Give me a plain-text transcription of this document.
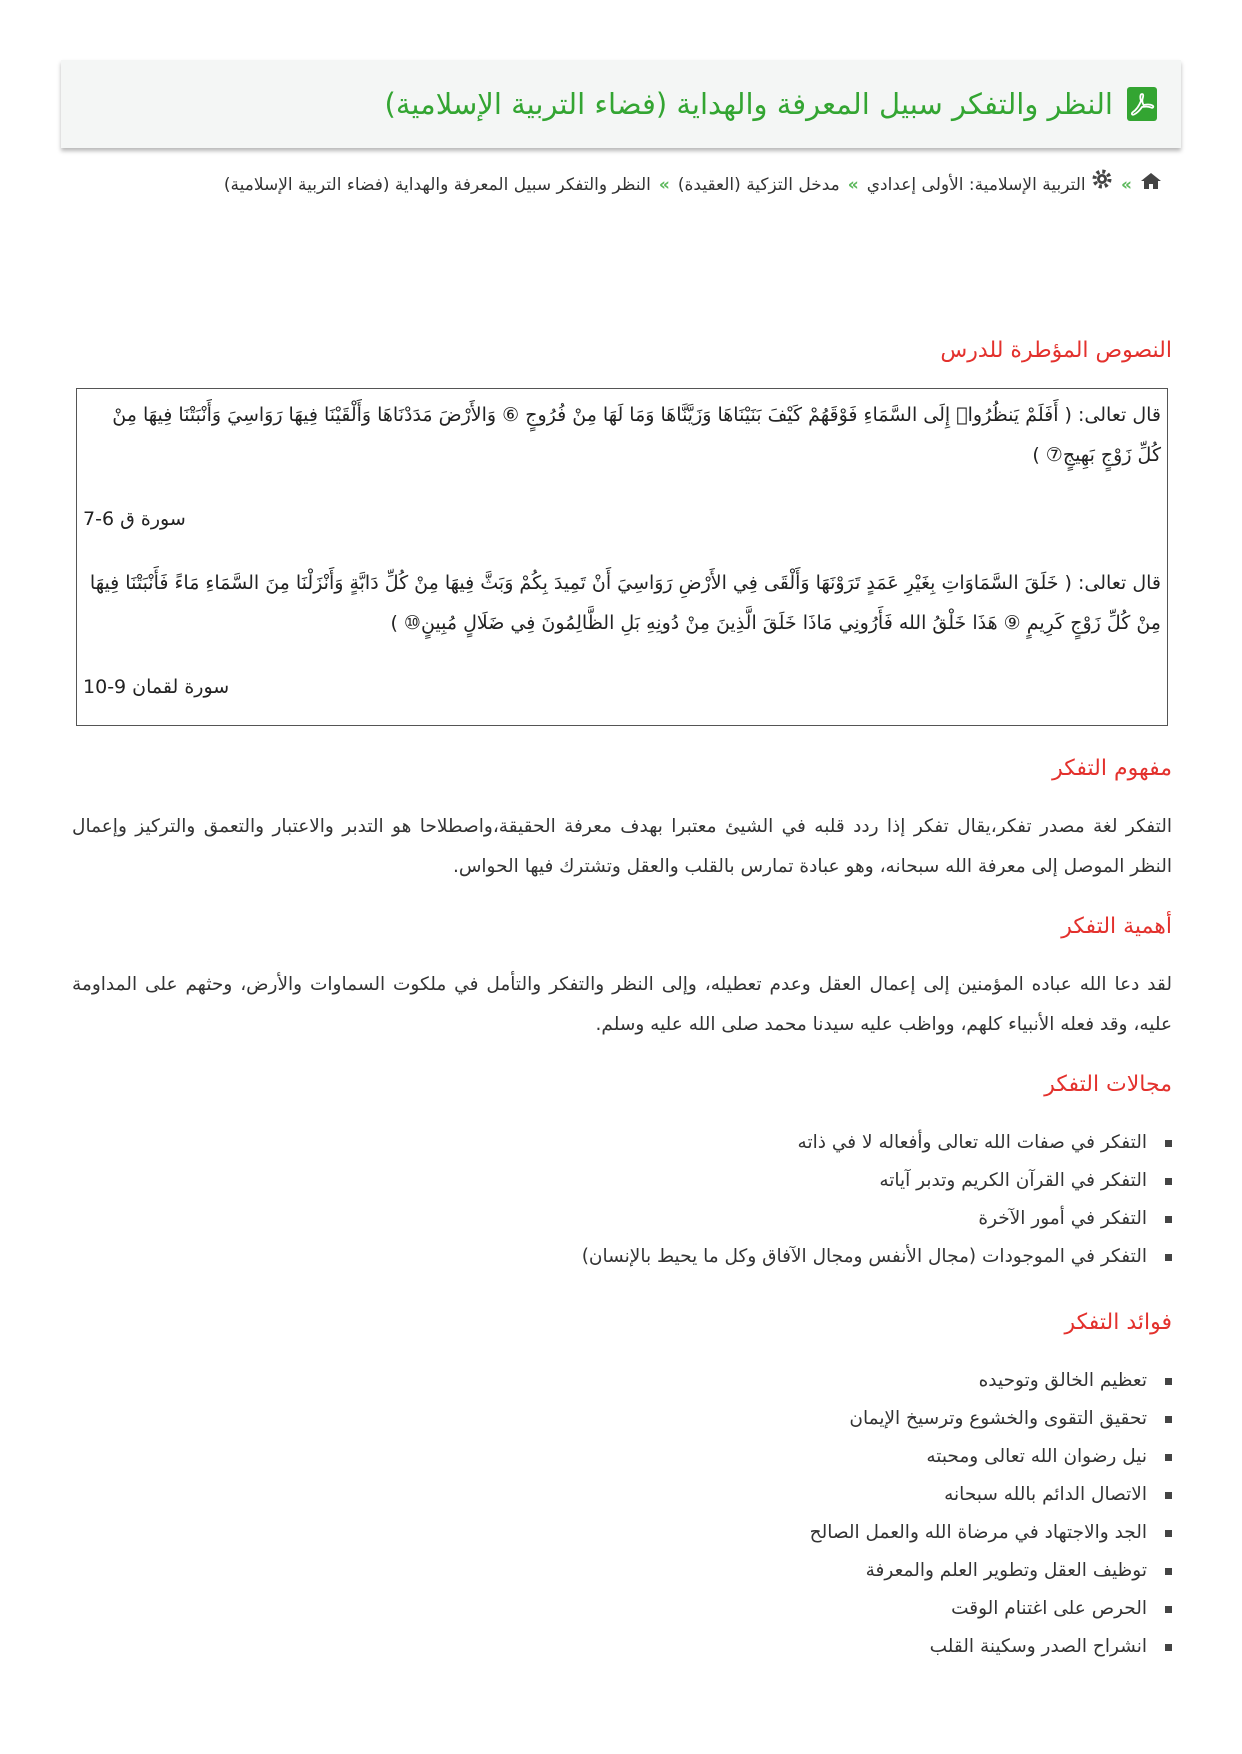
النظر والتفكر سبيل المعرفة والهداية (فضاء التربية الإسلامية)
» التربية الإسلامية: الأولى إعدادي»مدخل التزكية (العقيدة)»النظر والتفكر سبيل المعرفة والهداية (فضاء التربية الإسلامية)
النصوص المؤطرة للدرس

قال تعالى: ( أَفَلَمْ يَنظُرُوا۟ إِلَى السَّمَاءِ فَوْقَهُمْ كَيْفَ بَنَيْنَاهَا وَزَيَّنَّاهَا وَمَا لَهَا مِنْ فُرُوجٍ ⑥ وَالأَرْضَ مَدَدْنَاهَا وَأَلْقَيْنَا فِيهَا رَوَاسِيَ وَأَنْبَتْنَا فِيهَا مِنْ كُلِّ زَوْجٍ بَهِيجٍ⑦ )

سورة ق 6-7

قال تعالى: ( خَلَقَ السَّمَاوَاتِ بِغَيْرِ عَمَدٍ تَرَوْنَهَا وَأَلْقَى فِي الأَرْضِ رَوَاسِيَ أَنْ تَمِيدَ بِكُمْ وَبَثَّ فِيهَا مِنْ كُلِّ دَابَّةٍ وَأَنْزَلْنَا مِنَ السَّمَاءِ مَاءً فَأَنْبَتْنَا فِيهَا مِنْ كُلِّ زَوْجٍ كَرِيمٍ ⑨ هَذَا خَلْقُ الله فَأَرُونِي مَاذَا خَلَقَ الَّذِينَ مِنْ دُونِهِ بَلِ الظَّالِمُونَ فِي ضَلَالٍ مُبِينٍ⑩ )

سورة لقمان 9-10

مفهوم التفكر

التفكر لغة مصدر تفكر،يقال تفكر إذا ردد قلبه في الشيئ معتبرا بهدف معرفة الحقيقة،واصطلاحا هو التدبر والاعتبار والتعمق والتركيز وإعمال النظر الموصل إلى معرفة الله سبحانه، وهو عبادة تمارس بالقلب والعقل وتشترك فيها الحواس.

أهمية التفكر

لقد دعا الله عباده المؤمنين إلى إعمال العقل وعدم تعطيله، وإلى النظر والتفكر والتأمل في ملكوت السماوات والأرض، وحثهم على المداومة عليه، وقد فعله الأنبياء كلهم، وواظب عليه سيدنا محمد صلى الله عليه وسلم.

مجالات التفكر
التفكر في صفات الله تعالى وأفعاله لا في ذاته
التفكر في القرآن الكريم وتدبر آياته
التفكر في أمور الآخرة
التفكر في الموجودات (مجال الأنفس ومجال الآفاق وكل ما يحيط بالإنسان)
فوائد التفكر
تعظيم الخالق وتوحيده
تحقيق التقوى والخشوع وترسيخ الإيمان
نيل رضوان الله تعالى ومحبته
الاتصال الدائم بالله سبحانه
الجد والاجتهاد في مرضاة الله والعمل الصالح
توظيف العقل وتطوير العلم والمعرفة
الحرص على اغتنام الوقت
انشراح الصدر وسكينة القلب
